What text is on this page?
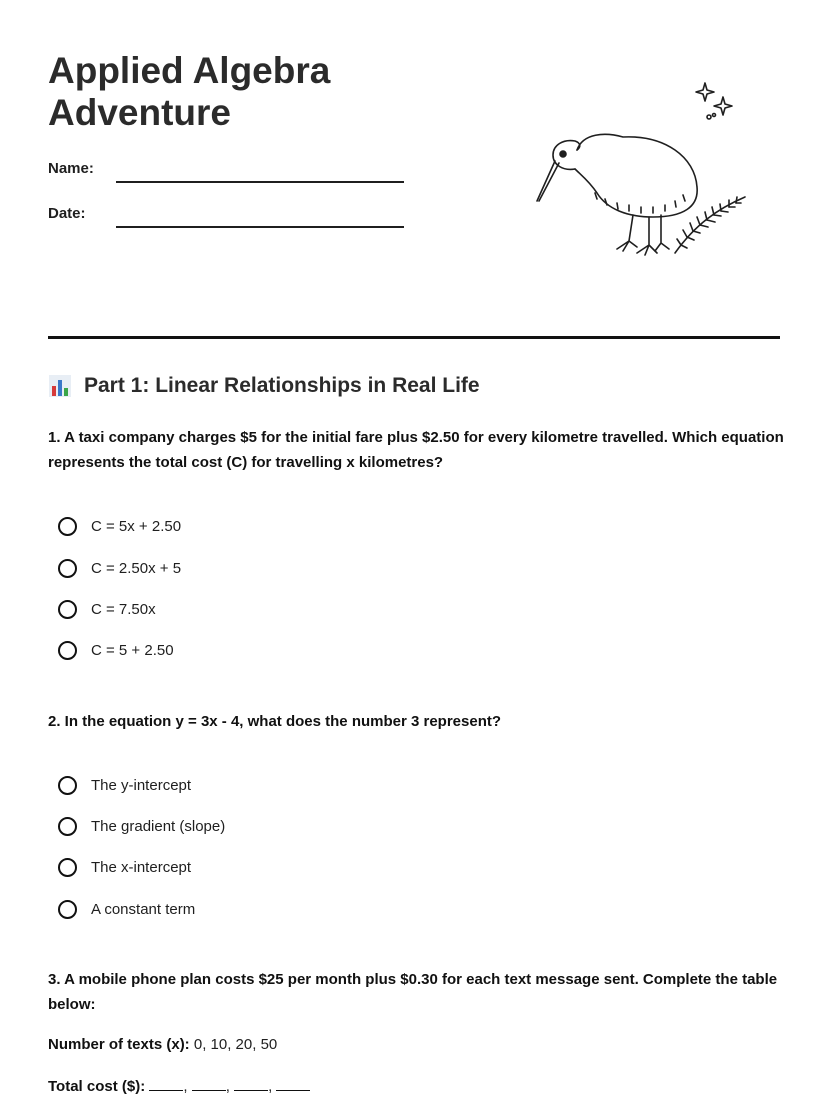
Applied Algebra
Adventure
Name:
Date:
Part 1: Linear Relationships in Real Life
1. A taxi company charges $5 for the initial fare plus $2.50 for every kilometre travelled. Which equation represents the total cost (C) for travelling x kilometres?
C = 5x + 2.50
C = 2.50x + 5
C = 7.50x
C = 5 + 2.50
2. In the equation y = 3x - 4, what does the number 3 represent?
The y-intercept
The gradient (slope)
The x-intercept
A constant term
3. A mobile phone plan costs $25 per month plus $0.30 for each text message sent. Complete the table below:
Number of texts (x): 0, 10, 20, 50
Total cost ($):	, , ,
